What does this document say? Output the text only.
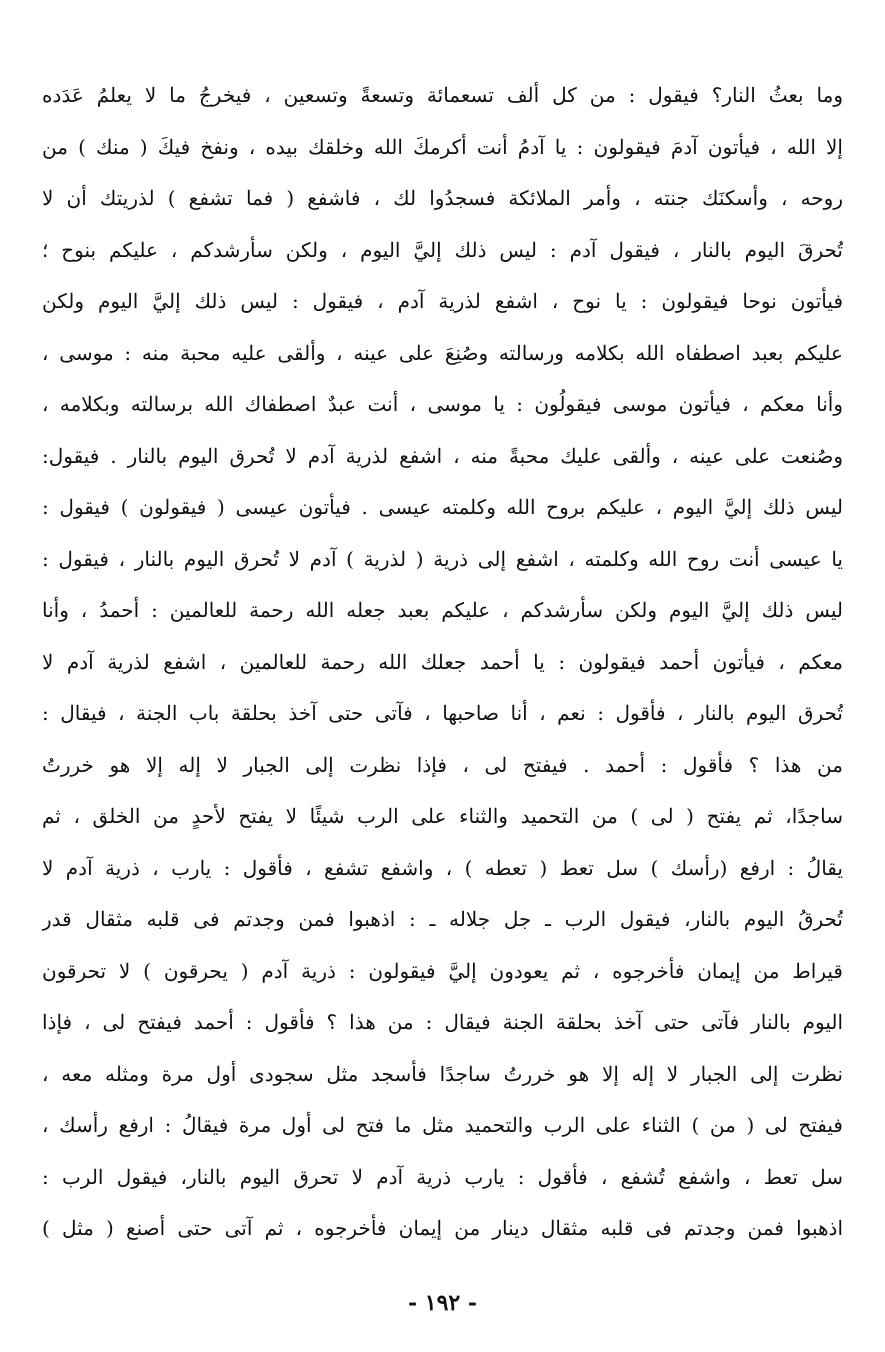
وما بعثُ النار؟ فيقول : من كل ألف تسعمائة وتسعةً وتسعين ، فيخرجُ ما لا يعلمُ عَدَده
إلا الله ، فيأتون آدمَ فيقولون : يا آدمُ أنت أكرمكَ الله وخلقك بيده ، ونفخ فيكَ ( منك ) من
روحه ، وأسكنَك جنته ، وأمر الملائكة فسجدُوا لك ، فاشفع ( فما تشفع ) لذريتك أن لا
تُحرقَ اليوم بالنار ، فيقول آدم : ليس ذلك إليَّ اليوم ، ولكن سأرشدكم ، عليكم بنوح ؛
فيأتون نوحا فيقولون : يا نوح ، اشفع لذرية آدم ، فيقول : ليس ذلك إليَّ اليوم ولكن
عليكم بعبد اصطفاه الله بكلامه ورسالته وصُنِعَ على عينه ، وألقى عليه محبة منه : موسى ،
وأنا معكم ، فيأتون موسى فيقولُون : يا موسى ، أنت عبدٌ اصطفاك الله برسالته وبكلامه ،
وصُنعت على عينه ، وألقى عليك محبةً منه ، اشفع لذرية آدم لا تُحرق اليوم بالنار . فيقول:
ليس ذلك إليَّ اليوم ، عليكم بروح الله وكلمته عيسى . فيأتون عيسى ( فيقولون ) فيقول :
يا عيسى أنت روح الله وكلمته ، اشفع إلى ذرية ( لذرية ) آدم لا تُحرق اليوم بالنار ، فيقول :
ليس ذلك إليَّ اليوم ولكن سأرشدكم ، عليكم بعبد جعله الله رحمة للعالمين : أحمدُ ، وأنا
معكم ، فيأتون أحمد فيقولون : يا أحمد جعلك الله رحمة للعالمين ، اشفع لذرية آدم لا
تُحرق اليوم بالنار ، فأقول : نعم ، أنا صاحبها ، فآتى حتى آخذ بحلقة باب الجنة ، فيقال :
من هذا ؟ فأقول : أحمد . فيفتح لى ، فإذا نظرت إلى الجبار لا إله إلا هو خررتُ
ساجدًا، ثم يفتح ( لى ) من التحميد والثناء على الرب شيئًا لا يفتح لأحدٍ من الخلق ، ثم
يقالُ : ارفع (رأسك ) سل تعط ( تعطه ) ، واشفع تشفع ، فأقول : يارب ، ذرية آدم لا
تُحرقُ اليوم بالنار، فيقول الرب ـ جل جلاله ـ : اذهبوا فمن وجدتم فى قلبه مثقال قدر
قيراط من إيمان فأخرجوه ، ثم يعودون إليَّ فيقولون : ذرية آدم ( يحرقون ) لا تحرقون
اليوم بالنار فآتى حتى آخذ بحلقة الجنة فيقال : من هذا ؟ فأقول : أحمد فيفتح لى ، فإذا
نظرت إلى الجبار لا إله إلا هو خررتُ ساجدًا فأسجد مثل سجودى أول مرة ومثله معه ،
فيفتح لى ( من ) الثناء على الرب والتحميد مثل ما فتح لى أول مرة فيقالُ : ارفع رأسك ،
سل تعط ، واشفع تُشفع ، فأقول : يارب ذرية آدم لا تحرق اليوم بالنار، فيقول الرب :
اذهبوا فمن وجدتم فى قلبه مثقال دينار من إيمان فأخرجوه ، ثم آتى حتى أصنع ( مثل )
- ١٩٢ -
